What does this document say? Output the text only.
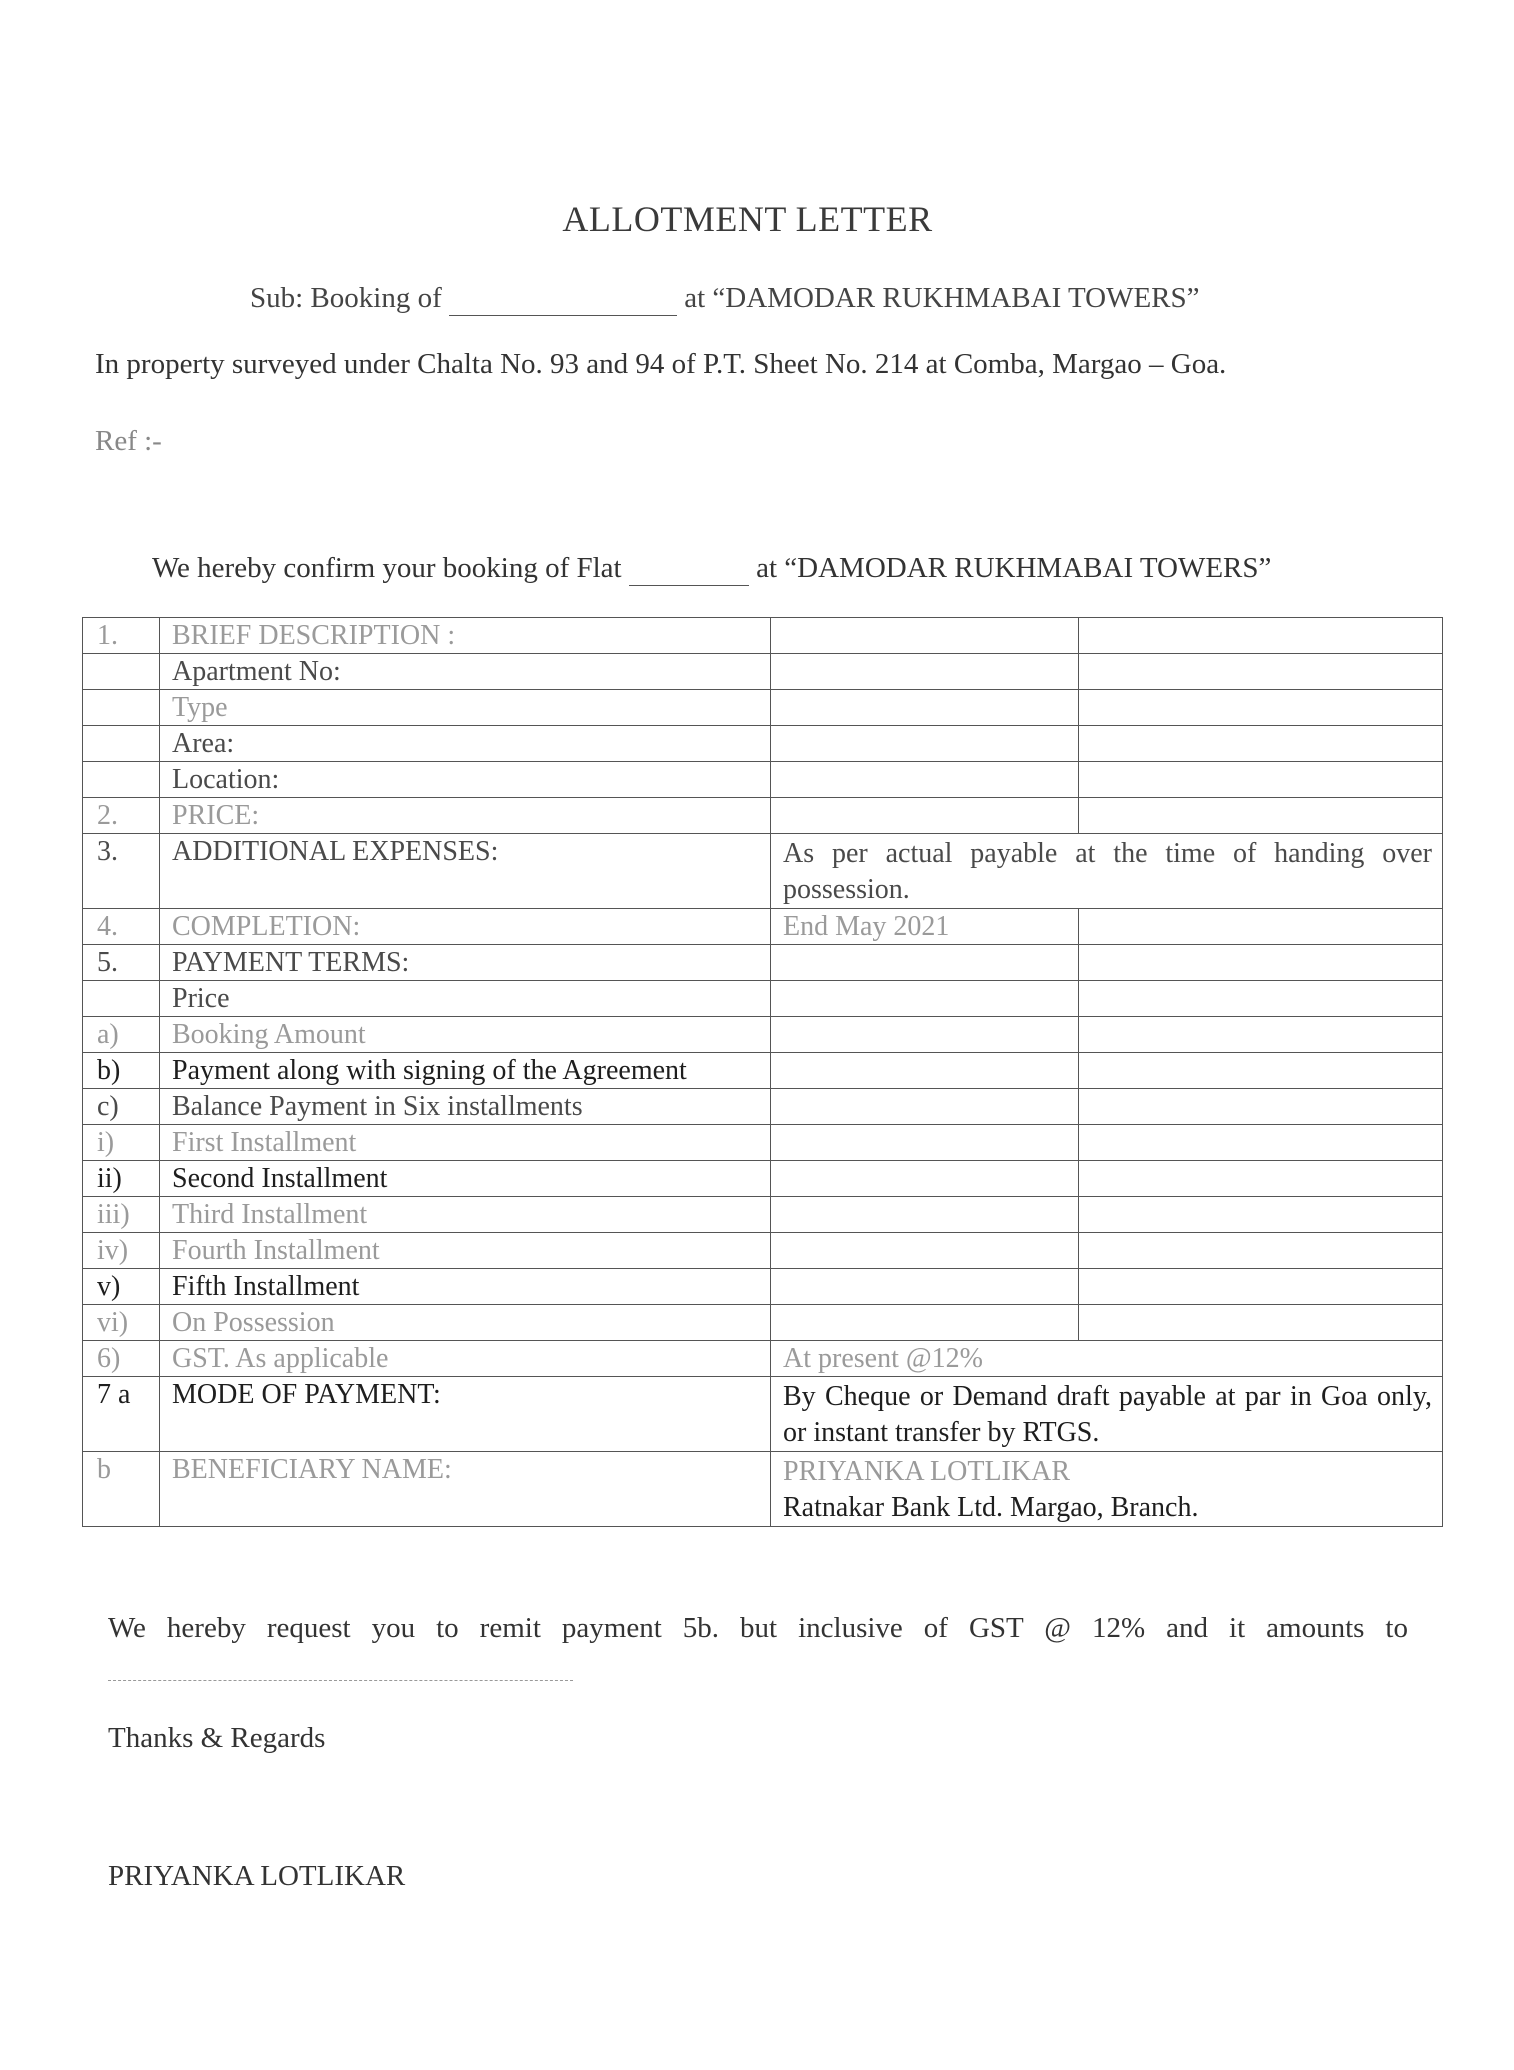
ALLOTMENT LETTER
Sub: Booking of	at “DAMODAR RUKHMABAI TOWERS”
In property surveyed under Chalta No. 93 and 94 of P.T. Sheet No. 214 at Comba, Margao – Goa.
Ref :-
We hereby confirm your booking of Flat	at “DAMODAR RUKHMABAI TOWERS”
1.	BRIEF DESCRIPTION :		
	Apartment No:		
	Type		
	Area:		
	Location:		
2.	PRICE:		
3.	ADDITIONAL EXPENSES:	As per actual payable at the time of handing over possession.	
4.	COMPLETION:	End May 2021	
5.	PAYMENT TERMS:		
	Price		
a)	Booking Amount		
b)	Payment along with signing of the Agreement		
c)	Balance Payment in Six installments		
i)	First Installment		
ii)	Second Installment		
iii)	Third Installment		
iv)	Fourth Installment		
v)	Fifth Installment		
vi)	On Possession		
6)	GST. As applicable	At present @12%	
7 a	MODE OF PAYMENT:	By Cheque or Demand draft payable at par in Goa only, or instant transfer by RTGS.	
b	BENEFICIARY NAME:	PRIYANKA LOTLIKAR
Ratnakar Bank Ltd. Margao, Branch.	
We hereby request you to remit payment 5b. but inclusive of GST @ 12% and it amounts to
Thanks & Regards
PRIYANKA LOTLIKAR
